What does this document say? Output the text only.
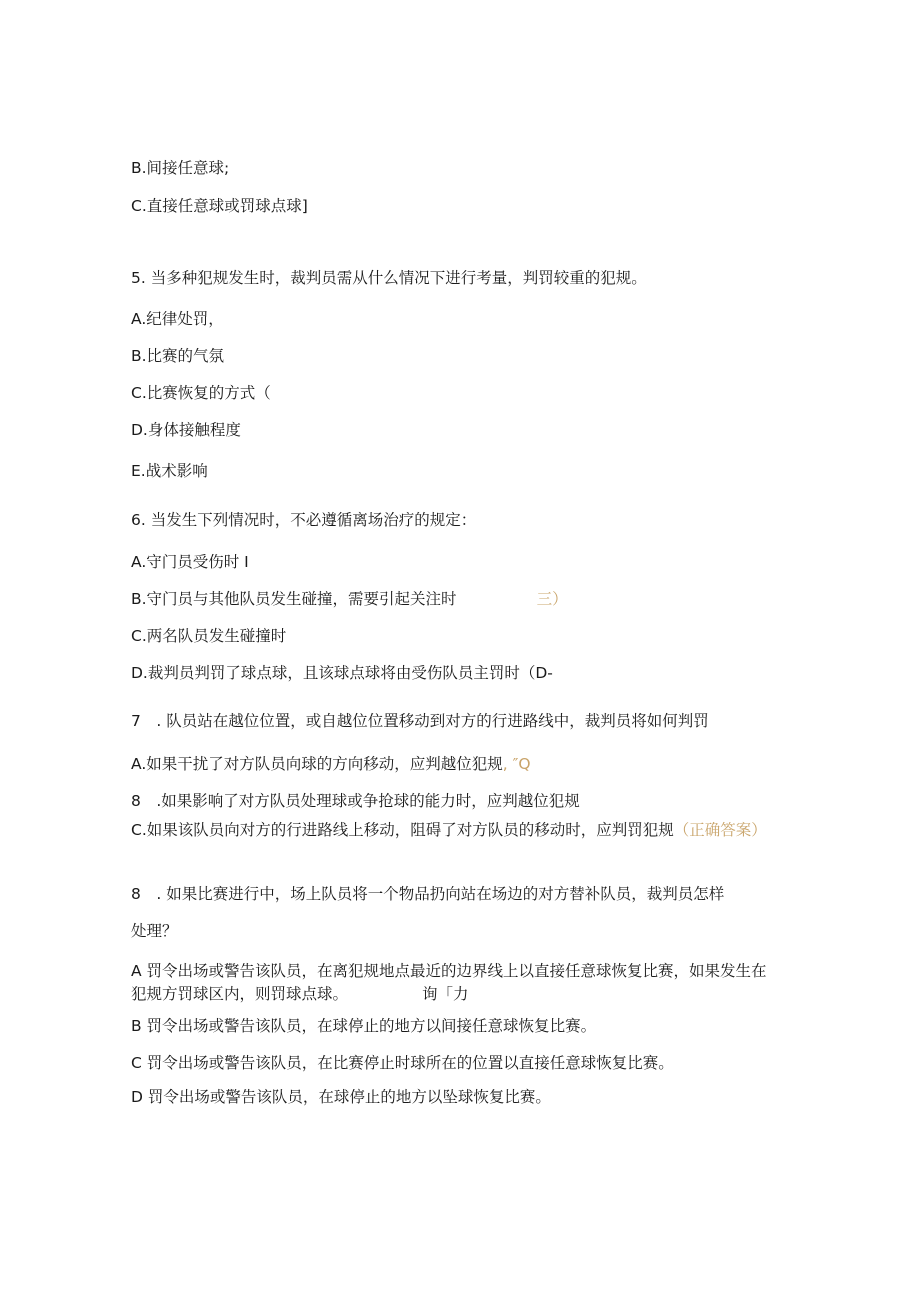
B.间接任意球;
C.直接任意球或罚球点球]
5. 当多种犯规发生时，裁判员需从什么情况下进行考量，判罚较重的犯规。
A.纪律处罚，
B.比赛的气氛
C.比赛恢复的方式（
D.身体接触程度
E.战术影响
6. 当发生下列情况时，不必遵循离场治疗的规定：
A.守门员受伤时 I
B.守门员与其他队员发生碰撞，需要引起关注时	三）
C.两名队员发生碰撞时
D.裁判员判罚了球点球，且该球点球将由受伤队员主罚时（D-
7　. 队员站在越位位置，或自越位位置移动到对方的行进路线中，裁判员将如何判罚
A.如果干扰了对方队员向球的方向移动，应判越位犯规, ″Q
8　.如果影响了对方队员处理球或争抢球的能力时，应判越位犯规
C.如果该队员向对方的行进路线上移动，阻碍了对方队员的移动时，应判罚犯规（正确答案）
8　. 如果比赛进行中，场上队员将一个物品扔向站在场边的对方替补队员，裁判员怎样
处理？
A 罚令出场或警告该队员，在离犯规地点最近的边界线上以直接任意球恢复比赛，如果发生在犯规方罚球区内，则罚球点球。	询「力
B 罚令出场或警告该队员，在球停止的地方以间接任意球恢复比赛。
C 罚令出场或警告该队员，在比赛停止时球所在的位置以直接任意球恢复比赛。
D 罚令出场或警告该队员，在球停止的地方以坠球恢复比赛。
